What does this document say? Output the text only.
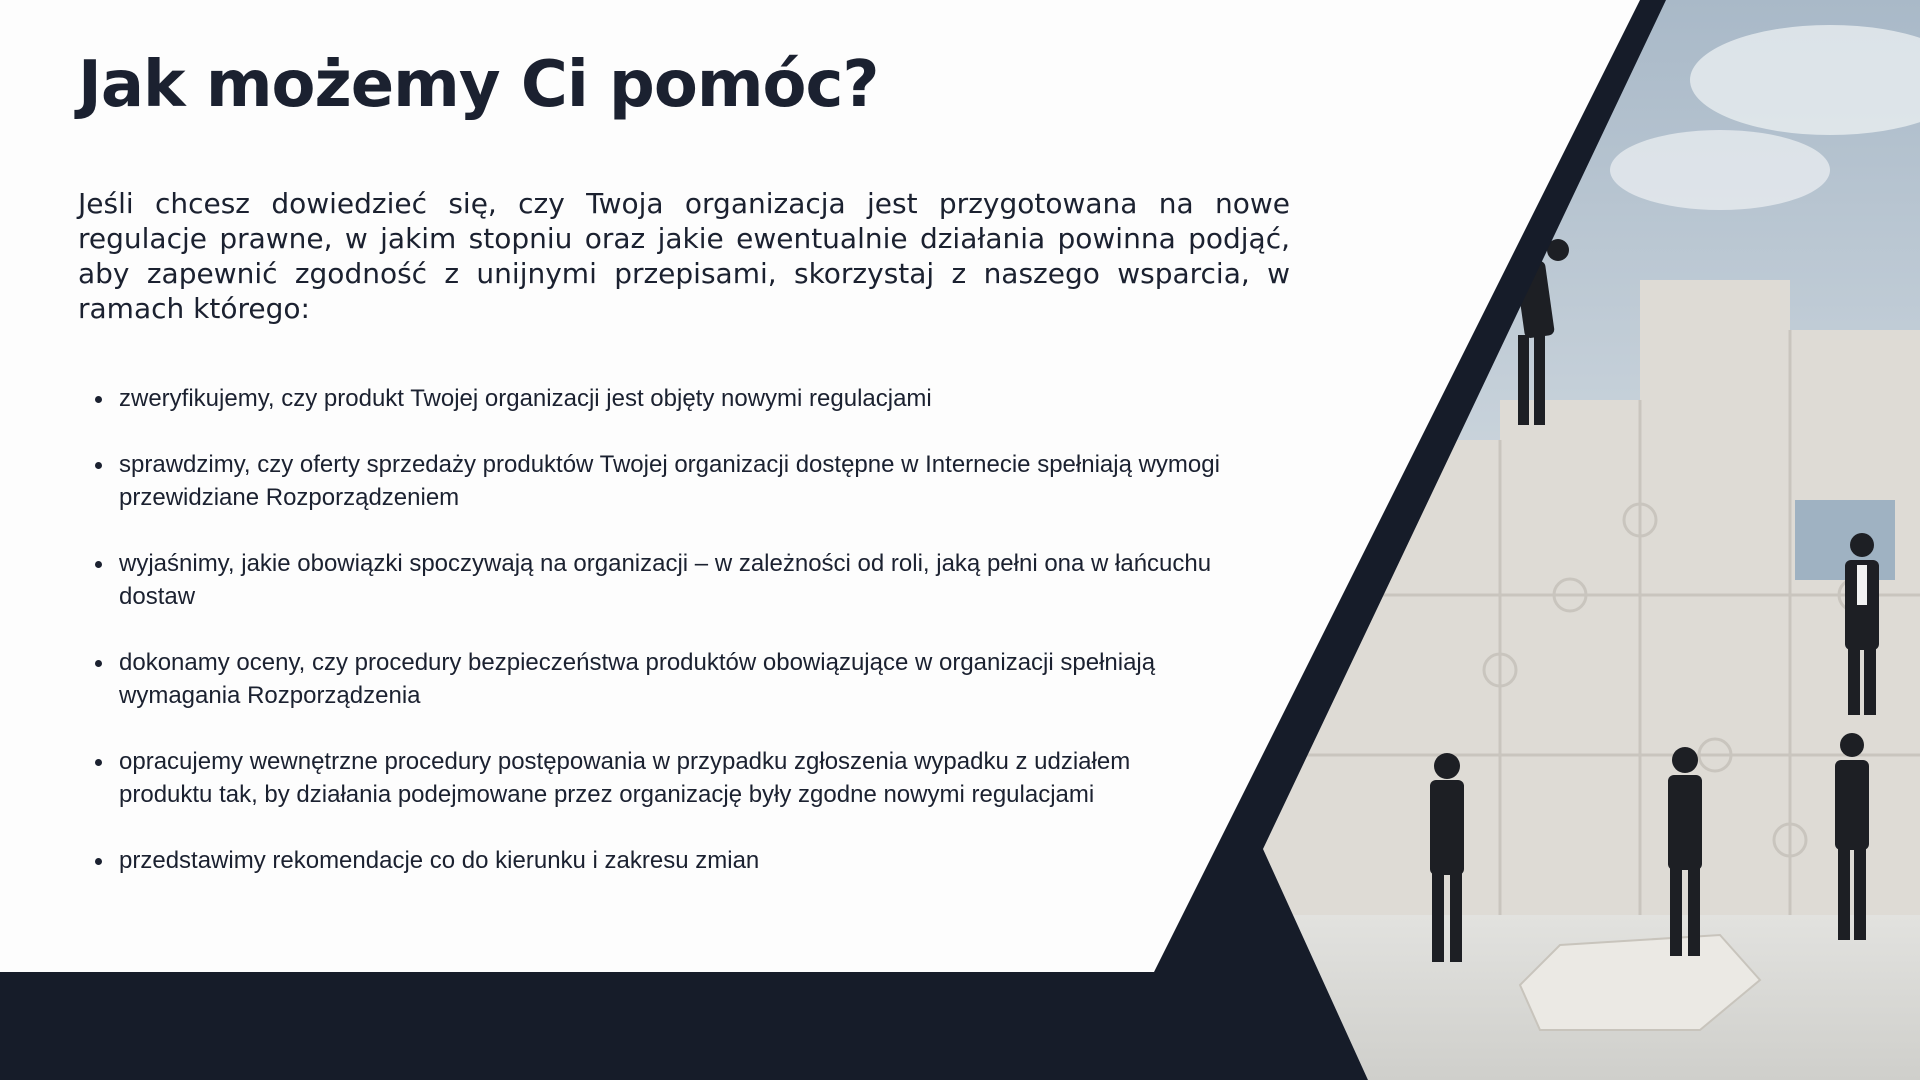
Jak możemy Ci pomóc?

Jeśli chcesz dowiedzieć się, czy Twoja organizacja jest przygotowana na nowe regulacje prawne, w jakim stopniu oraz jakie ewentualnie działania powinna podjąć, aby zapewnić zgodność z unijnymi przepisami, skorzystaj z naszego wsparcia, w ramach którego:

zweryfikujemy, czy produkt Twojej organizacji jest objęty nowymi regulacjami
sprawdzimy, czy oferty sprzedaży produktów Twojej organizacji dostępne w Internecie spełniają wymogi przewidziane Rozporządzeniem
wyjaśnimy, jakie obowiązki spoczywają na organizacji – w zależności od roli, jaką pełni ona w łańcuchu dostaw
dokonamy oceny, czy procedury bezpieczeństwa produktów obowiązujące w organizacji spełniają wymagania Rozporządzenia
opracujemy wewnętrzne procedury postępowania w przypadku zgłoszenia wypadku z udziałem produktu tak, by działania podejmowane przez organizację były zgodne nowymi regulacjami
przedstawimy rekomendacje co do kierunku i zakresu zmian
